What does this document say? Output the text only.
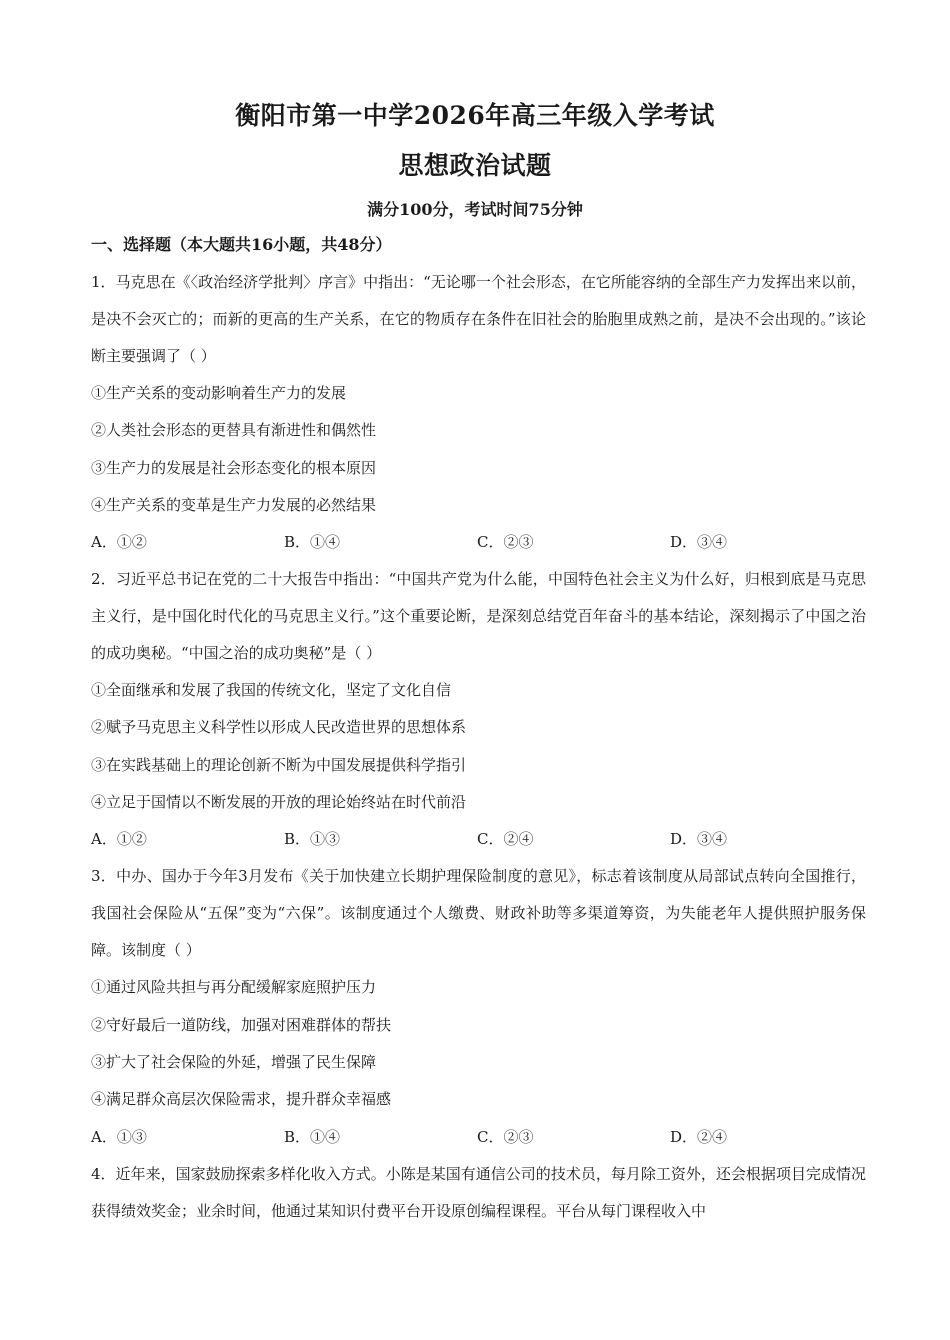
衡阳市第一中学2026年高三年级入学考试
思想政治试题
满分100分，考试时间75分钟
一、选择题（本大题共16小题，共48分）
1．马克思在《〈政治经济学批判〉序言》中指出：“无论哪一个社会形态，在它所能容纳的全部生产力发挥出来以前，是决不会灭亡的；而新的更高的生产关系，在它的物质存在条件在旧社会的胎胞里成熟之前，是决不会出现的。”该论断主要强调了（ ）
①生产关系的变动影响着生产力的发展
②人类社会形态的更替具有渐进性和偶然性
③生产力的发展是社会形态变化的根本原因
④生产关系的变革是生产力发展的必然结果
A．①②	B．①④	C．②③	D．③④
2．习近平总书记在党的二十大报告中指出：“中国共产党为什么能，中国特色社会主义为什么好，归根到底是马克思主义行，是中国化时代化的马克思主义行。”这个重要论断，是深刻总结党百年奋斗的基本结论，深刻揭示了中国之治的成功奥秘。“中国之治的成功奥秘”是（ ）
①全面继承和发展了我国的传统文化，坚定了文化自信
②赋予马克思主义科学性以形成人民改造世界的思想体系
③在实践基础上的理论创新不断为中国发展提供科学指引
④立足于国情以不断发展的开放的理论始终站在时代前沿
A．①②	B．①③	C．②④	D．③④
3．中办、国办于今年3月发布《关于加快建立长期护理保险制度的意见》，标志着该制度从局部试点转向全国推行，我国社会保险从“五保”变为“六保”。该制度通过个人缴费、财政补助等多渠道筹资，为失能老年人提供照护服务保障。该制度（ ）
①通过风险共担与再分配缓解家庭照护压力
②守好最后一道防线，加强对困难群体的帮扶
③扩大了社会保险的外延，增强了民生保障
④满足群众高层次保险需求，提升群众幸福感
A．①③	B．①④	C．②③	D．②④
4．近年来，国家鼓励探索多样化收入方式。小陈是某国有通信公司的技术员，每月除工资外，还会根据项目完成情况获得绩效奖金；业余时间，他通过某知识付费平台开设原创编程课程。平台从每门课程收入中
